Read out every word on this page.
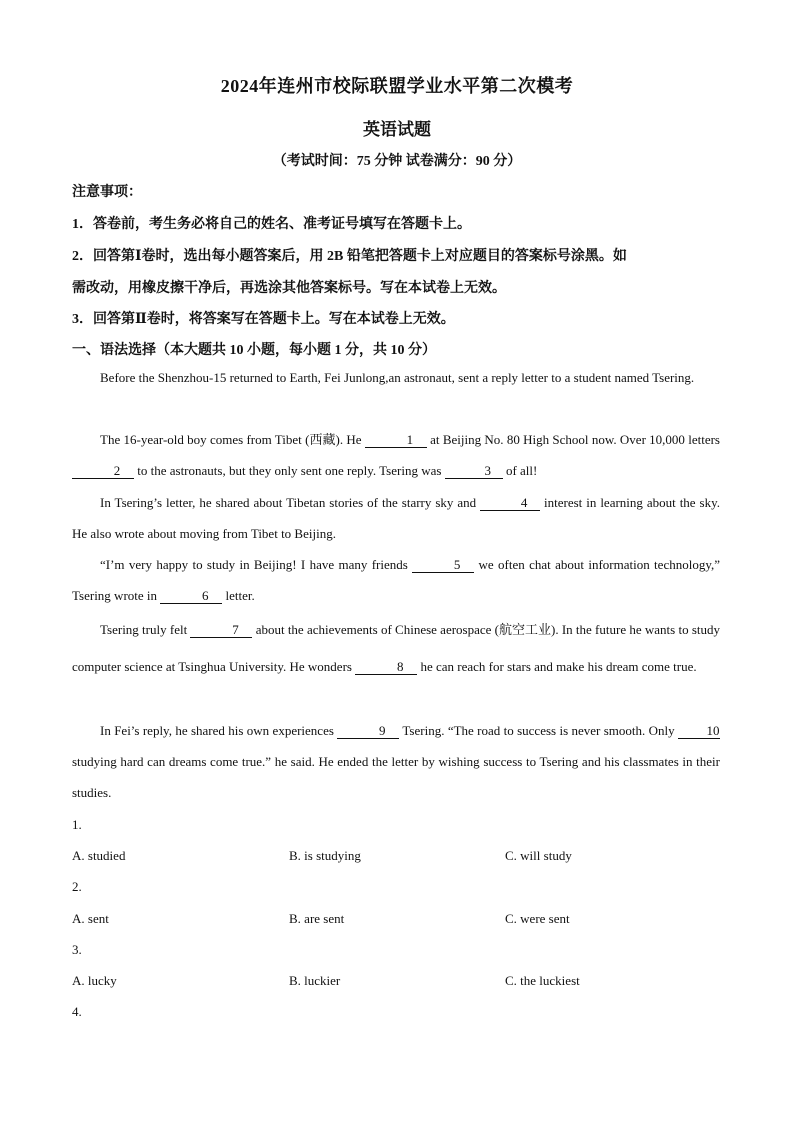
2024年连州市校际联盟学业水平第二次模考
英语试题
（考试时间：75 分钟 试卷满分：90 分）
注意事项：
1．答卷前，考生务必将自己的姓名、准考证号填写在答题卡上。
2．回答第Ⅰ卷时，选出每小题答案后，用 2B 铅笔把答题卡上对应题目的答案标号涂黑。如
需改动，用橡皮擦干净后，再选涂其他答案标号。写在本试卷上无效。
3．回答第Ⅱ卷时，将答案写在答题卡上。写在本试卷上无效。
一、语法选择（本大题共 10 小题，每小题 1 分，共 10 分）
Before the Shenzhou-15 returned to Earth, Fei Junlong,an astronaut, sent a reply letter to a student named Tsering.
The 16-year-old boy comes from Tibet (西藏). He	1 at Beijing No. 80 High School now. Over 10,000 letters 2 to the astronauts, but they only sent one reply. Tsering was	3 of all!
In Tsering’s letter, he shared about Tibetan stories of the starry sky and	4 interest in learning about the sky. He also wrote about moving from Tibet to Beijing.
“I’m very happy to study in Beijing! I have many friends	5 we often chat about information technology,” Tsering wrote in	6 letter.
Tsering truly felt	7 about the achievements of Chinese aerospace (航空工业). In the future he wants to study computer science at Tsinghua University. He wonders	8 he can reach for stars and make his dream come true.
In Fei’s reply, he shared his own experiences	9 Tsering. “The road to success is never smooth. Only 10 studying hard can dreams come true.” he said. He ended the letter by wishing success to Tsering and his classmates in their studies.
1.
A. studied	B. is studying	C. will study
2.
A. sent	B. are sent	C. were sent
3.
A. lucky	B. luckier	C. the luckiest
4.
